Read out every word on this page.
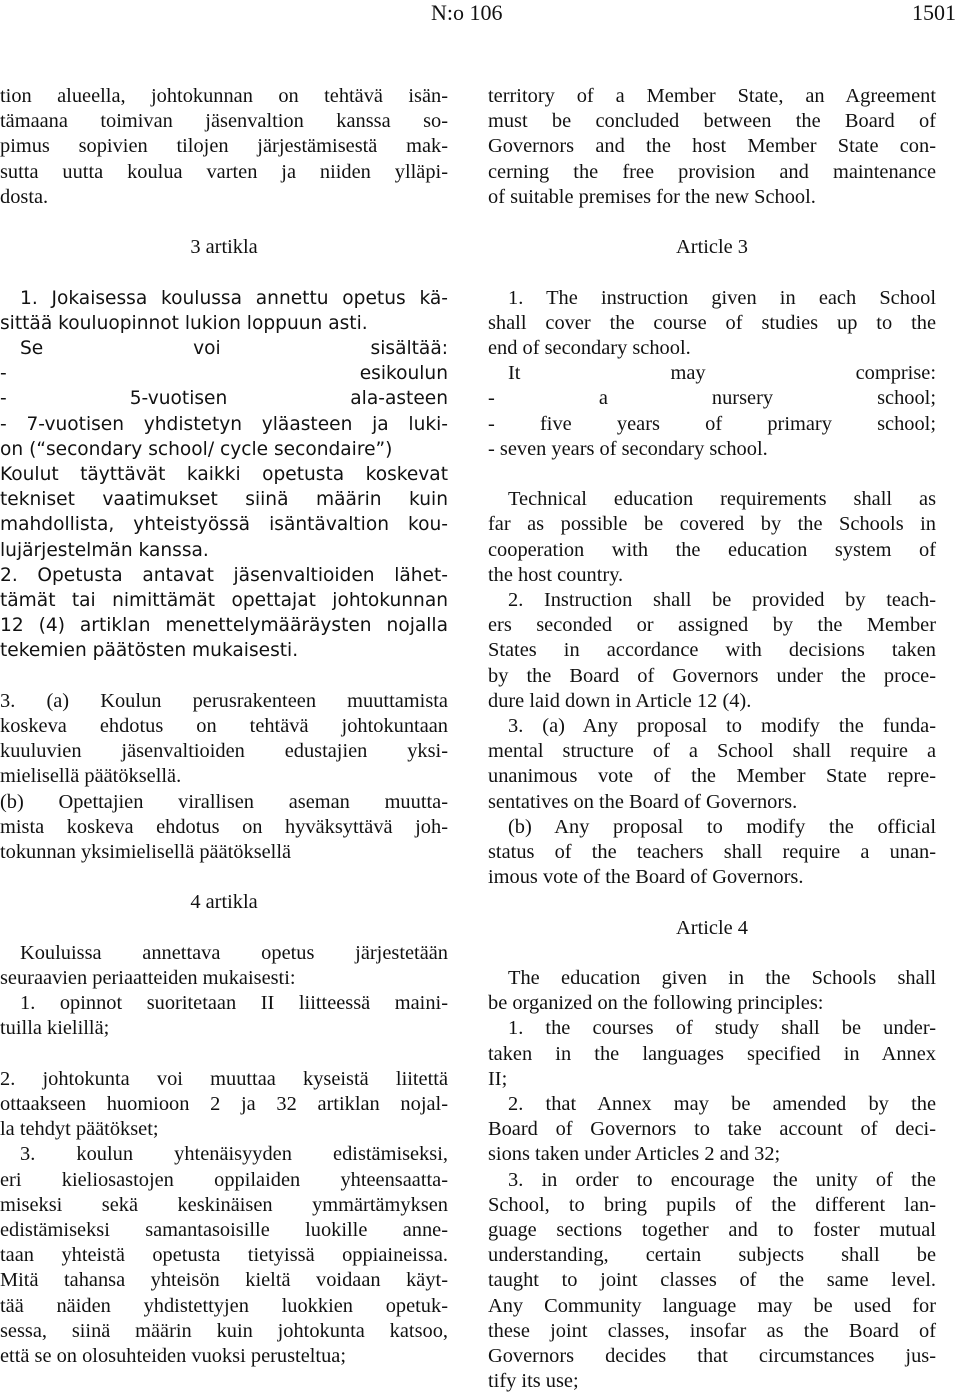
N:o 106	1501
tion alueella, johtokunnan on tehtävä isän-
tämaana toimivan jäsenvaltion kanssa so-
pimus sopivien tilojen järjestämisestä mak-
sutta uutta koulua varten ja niiden ylläpi-
dosta.
3 artikla
1. Jokaisessa koulussa annettu opetus kä-
sittää kouluopinnot lukion loppuun asti.
Se voi sisältää:
- esikoulun
- 5-vuotisen ala-asteen
- 7-vuotisen yhdistetyn yläasteen ja luki-
on (“secondary school/ cycle secondaire”)
Koulut täyttävät kaikki opetusta koskevat
tekniset vaatimukset siinä määrin kuin
mahdollista, yhteistyössä isäntävaltion kou-
lujärjestelmän kanssa.
2. Opetusta antavat jäsenvaltioiden lähet-
tämät tai nimittämät opettajat johtokunnan
12 (4) artiklan menettelymääräysten nojalla
tekemien päätösten mukaisesti.
3. (a) Koulun perusrakenteen muuttamista
koskeva ehdotus on tehtävä johtokuntaan
kuuluvien jäsenvaltioiden edustajien yksi-
mielisellä päätöksellä.
(b) Opettajien virallisen aseman muutta-
mista koskeva ehdotus on hyväksyttävä joh-
tokunnan yksimielisellä päätöksellä
4 artikla
Kouluissa annettava opetus järjestetään
seuraavien periaatteiden mukaisesti:
1. opinnot suoritetaan II liitteessä maini-
tuilla kielillä;
2. johtokunta voi muuttaa kyseistä liitettä
ottaakseen huomioon 2 ja 32 artiklan nojal-
la tehdyt päätökset;
3. koulun yhtenäisyyden edistämiseksi,
eri kieliosastojen oppilaiden yhteensaatta-
miseksi sekä keskinäisen ymmärtämyksen
edistämiseksi samantasoisille luokille anne-
taan yhteistä opetusta tietyissä oppiaineissa.
Mitä tahansa yhteisön kieltä voidaan käyt-
tää näiden yhdistettyjen luokkien opetuk-
sessa, siinä määrin kuin johtokunta katsoo,
että se on olosuhteiden vuoksi perusteltua;
territory of a Member State, an Agreement
must be concluded between the Board of
Governors and the host Member State con-
cerning the free provision and maintenance
of suitable premises for the new School.
Article 3
1. The instruction given in each School
shall cover the course of studies up to the
end of secondary school.
It may comprise:
- a nursery school;
- five years of primary school;
- seven years of secondary school.
Technical education requirements shall as
far as possible be covered by the Schools in
cooperation with the education system of
the host country.
2. Instruction shall be provided by teach-
ers seconded or assigned by the Member
States in accordance with decisions taken
by the Board of Governors under the proce-
dure laid down in Article 12 (4).
3. (a) Any proposal to modify the funda-
mental structure of a School shall require a
unanimous vote of the Member State repre-
sentatives on the Board of Governors.
(b) Any proposal to modify the official
status of the teachers shall require a unan-
imous vote of the Board of Governors.
Article 4
The education given in the Schools shall
be organized on the following principles:
1. the courses of study shall be under-
taken in the languages specified in Annex
II;
2. that Annex may be amended by the
Board of Governors to take account of deci-
sions taken under Articles 2 and 32;
3. in order to encourage the unity of the
School, to bring pupils of the different lan-
guage sections together and to foster mutual
understanding, certain subjects shall be
taught to joint classes of the same level.
Any Community language may be used for
these joint classes, insofar as the Board of
Governors decides that circumstances jus-
tify its use;
